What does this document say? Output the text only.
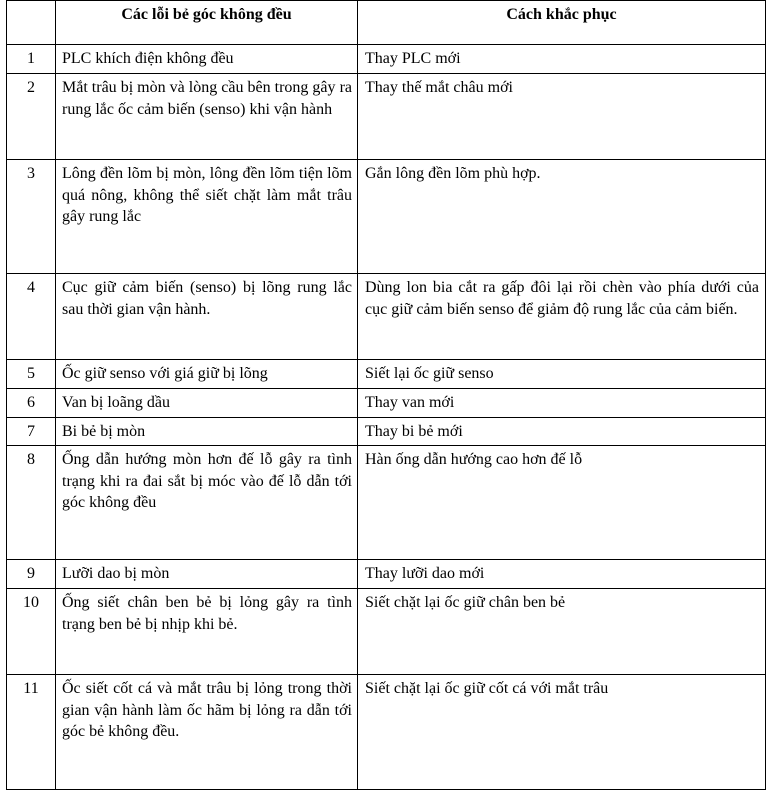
	Các lỗi bẻ góc không đều	Cách khắc phục
1	PLC khích điện không đều	Thay PLC mới
2	Mắt trâu bị mòn và lòng cầu bên trong gây ra rung lắc ốc cảm biến (senso) khi vận hành	Thay thế mắt châu mới
3	Lông đền lõm bị mòn, lông đền lõm tiện lõm quá nông, không thể siết chặt làm mắt trâu gây rung lắc	Gắn lông đền lõm phù hợp.
4	Cục giữ cảm biến (senso) bị lõng rung lắc sau thời gian vận hành.	Dùng lon bia cắt ra gấp đôi lại rồi chèn vào phía dưới của cục giữ cảm biến senso để giảm độ rung lắc của cảm biến.
5	Ốc giữ senso với giá giữ bị lõng	Siết lại ốc giữ senso
6	Van bị loãng dầu	Thay van mới
7	Bi bẻ bị mòn	Thay bi bẻ mới
8	Ống dẫn hướng mòn hơn đế lỗ gây ra tình trạng khi ra đai sắt bị móc vào đế lỗ dẫn tới góc không đều	Hàn ống dẫn hướng cao hơn đế lỗ
9	Lưỡi dao bị mòn	Thay lưỡi dao mới
10	Ống siết chân ben bẻ bị lỏng gây ra tình trạng ben bẻ bị nhịp khi bẻ.	Siết chặt lại ốc giữ chân ben bẻ
11	Ốc siết cốt cá và mắt trâu bị lỏng trong thời gian vận hành làm ốc hãm bị lỏng ra dẫn tới góc bẻ không đều.	Siết chặt lại ốc giữ cốt cá với mắt trâu
